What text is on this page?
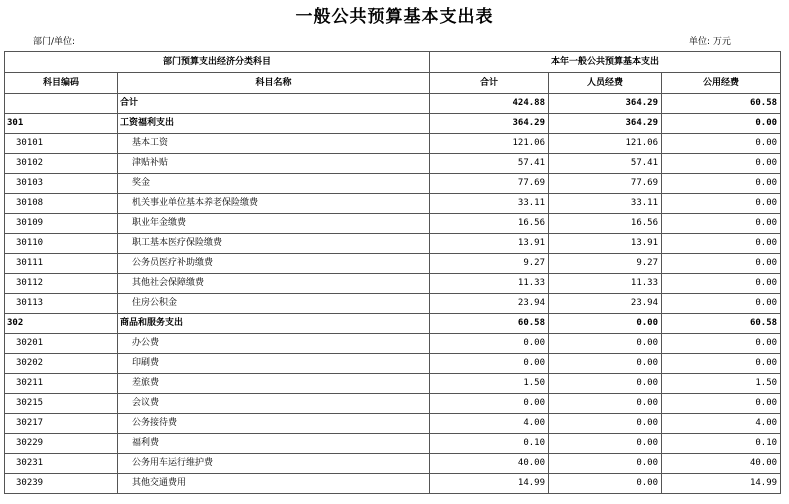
一般公共预算基本支出表
部门/单位:	单位: 万元
部门预算支出经济分类科目		本年一般公共预算基本支出		
科目编码	科目名称	合计	人员经费	公用经费
	合计	424.88	364.29	60.58
301	工资福利支出	364.29	364.29	0.00
30101	基本工资	121.06	121.06	0.00
30102	津贴补贴	57.41	57.41	0.00
30103	奖金	77.69	77.69	0.00
30108	机关事业单位基本养老保险缴费	33.11	33.11	0.00
30109	职业年金缴费	16.56	16.56	0.00
30110	职工基本医疗保险缴费	13.91	13.91	0.00
30111	公务员医疗补助缴费	9.27	9.27	0.00
30112	其他社会保障缴费	11.33	11.33	0.00
30113	住房公积金	23.94	23.94	0.00
302	商品和服务支出	60.58	0.00	60.58
30201	办公费	0.00	0.00	0.00
30202	印刷费	0.00	0.00	0.00
30211	差旅费	1.50	0.00	1.50
30215	会议费	0.00	0.00	0.00
30217	公务接待费	4.00	0.00	4.00
30229	福利费	0.10	0.00	0.10
30231	公务用车运行维护费	40.00	0.00	40.00
30239	其他交通费用	14.99	0.00	14.99
